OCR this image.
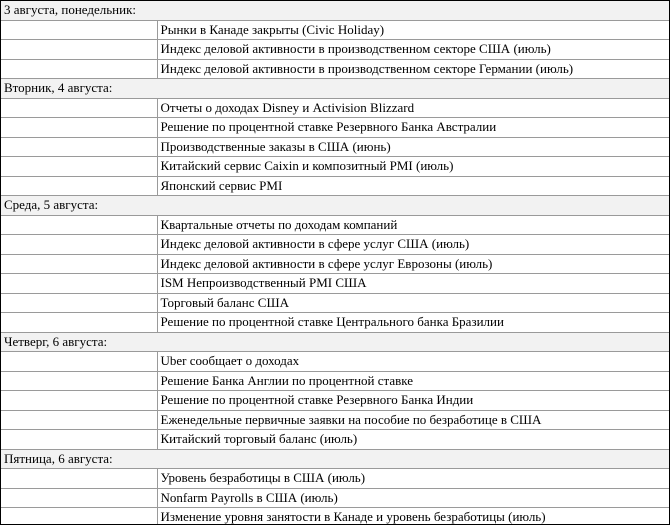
3 августа, понедельник:	
	Рынки в Канаде закрыты (Civic Holiday)
	Индекс деловой активности в производственном секторе США (июль)
	Индекс деловой активности в производственном секторе Германии (июль)
Вторник, 4 августа:	
	Отчеты о доходах Disney и Activision Blizzard
	Решение по процентной ставке Резервного Банка Австралии
	Производственные заказы в США (июнь)
	Китайский сервис Caixin и композитный PMI (июль)
	Японский сервис PMI
Среда, 5 августа:	
	Квартальные отчеты по доходам компаний
	Индекс деловой активности в сфере услуг США (июль)
	Индекс деловой активности в сфере услуг Еврозоны (июль)
	ISM Непроизводственный PMI США
	Торговый баланс США
	Решение по процентной ставке Центрального банка Бразилии
Четверг, 6 августа:	
	Uber сообщает о доходах
	Решение Банка Англии по процентной ставке
	Решение по процентной ставке Резервного Банка Индии
	Еженедельные первичные заявки на пособие по безработице в США
	Китайский торговый баланс (июль)
Пятница, 6 августа:	
	Уровень безработицы в США (июль)
	Nonfarm Payrolls в США (июль)
	Изменение уровня занятости в Канаде и уровень безработицы (июль)
